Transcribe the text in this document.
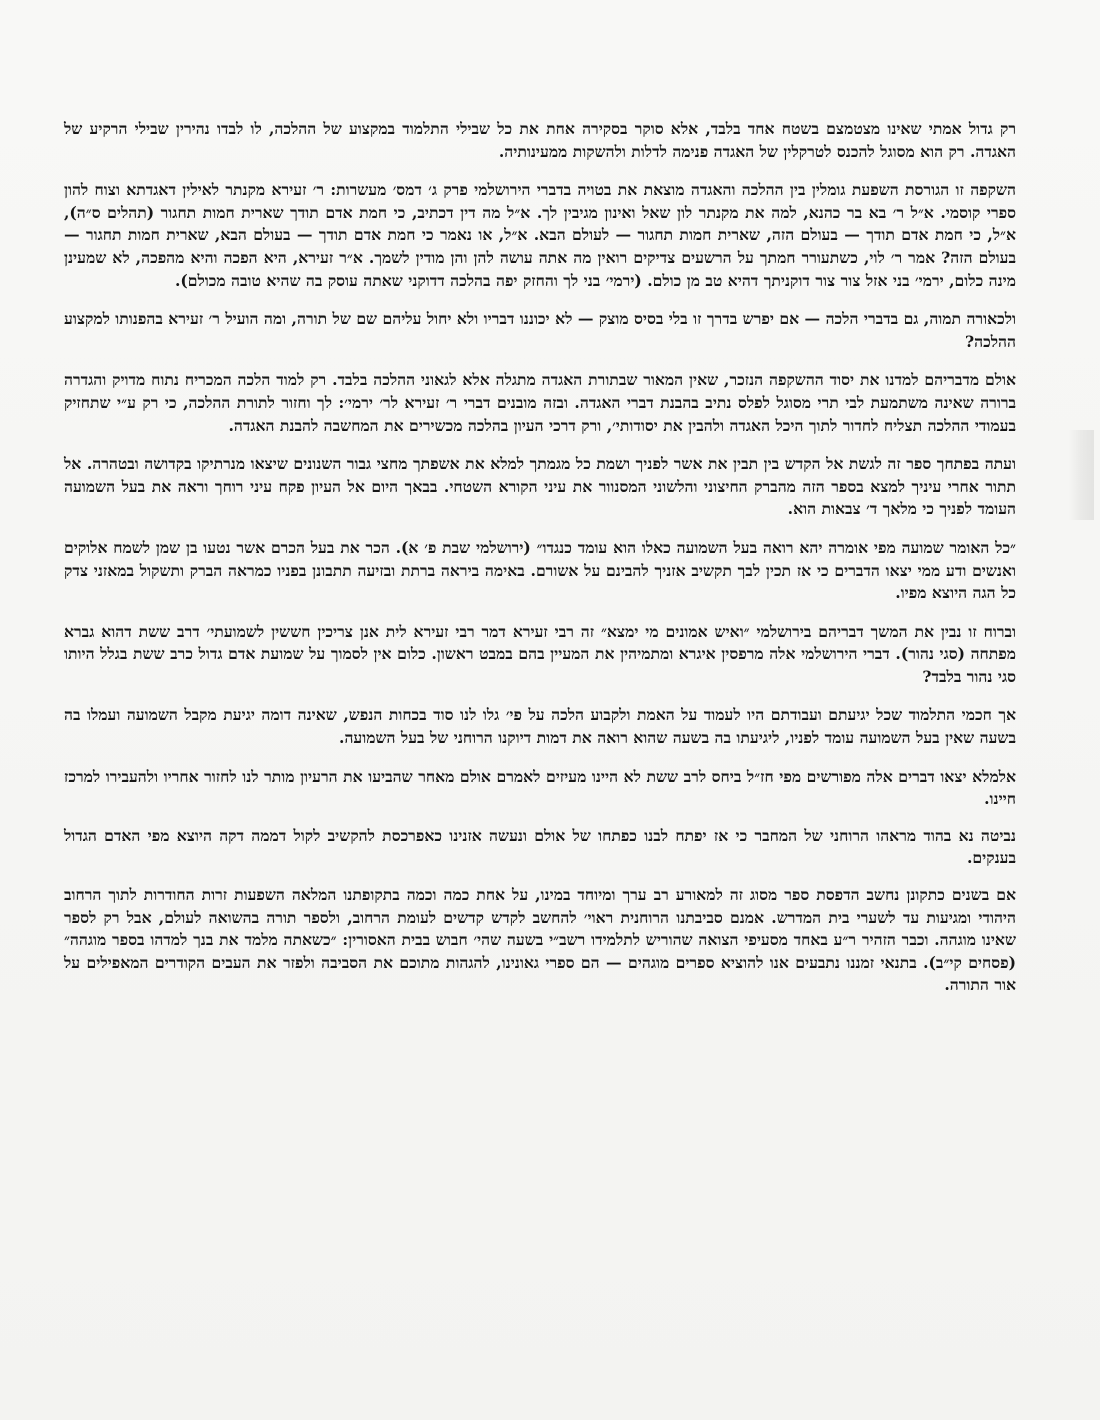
רק גדול אמתי שאינו מצטמצם בשטח אחד בלבד, אלא סוקר בסקירה אחת את כל שבילי התלמוד במקצוע של ההלכה, לו לבדו נהירין שבילי הרקיע של האגדה. רק הוא מסוגל להכנס לטרקלין של האגדה פנימה לדלות ולהשקות ממעינותיה.

השקפה זו הגורסת השפעת גומלין בין ההלכה והאגדה מוצאת את בטויה בדברי הירושלמי פרק ג׳ דמס׳ מעשרות: ר׳ זעירא מקנתר לאילין דאגדתא וצוח להון ספרי קוסמי. א״ל ר׳ בא בר כהנא, למה את מקנתר לון שאל ואינון מגיבין לך. א״ל מה דין דכתיב, כי חמת אדם תודך שארית חמות תחגור (תהלים ס״ה), א״ל, כי חמת אדם תודך — בעולם הזה, שארית חמות תחגור — לעולם הבא. א״ל, או נאמר כי חמת אדם תודך — בעולם הבא, שארית חמות תחגור — בעולם הזה? אמר ר׳ לוי, כשתעורר חמתך על הרשעים צדיקים רואין מה אתה עושה להן והן מודין לשמך. א״ר זעירא, היא הפכה והיא מהפכה, לא שמעינן מינה כלום, ירמי׳ בני אזל צור צור דוקניתך דהיא טב מן כולם. (ירמי׳ בני לך והחזק יפה בהלכה דדוקני שאתה עוסק בה שהיא טובה מכולם).

ולכאורה תמוה, גם בדברי הלכה — אם יפרש בדרך זו בלי בסיס מוצק — לא יכוננו דבריו ולא יחול עליהם שם של תורה, ומה הועיל ר׳ זעירא בהפנותו למקצוע ההלכה?

אולם מדבריהם למדנו את יסוד ההשקפה הנזכר, שאין המאור שבתורת האגדה מתגלה אלא לגאוני ההלכה בלבד. רק למוד הלכה המכריח נתוח מדויק והגדרה ברורה שאינה משתמעת לבי תרי מסוגל לפלס נתיב בהבנת דברי האגדה. ובזה מובנים דברי ר׳ זעירא לר׳ ירמי׳: לך וחזור לתורת ההלכה, כי רק ע״י שתחזיק בעמודי ההלכה תצליח לחדור לתוך היכל האגדה ולהבין את יסודותי׳, ורק דרכי העיון בהלכה מכשירים את המחשבה להבנת האגדה.

ועתה בפתחך ספר זה לגשת אל הקדש בין תבין את אשר לפניך ושמת כל מגמתך למלא את אשפתך מחצי גבור השנונים שיצאו מנרתיקו בקדושה ובטהרה. אל תתור אחרי עיניך למצא בספר הזה מהברק החיצוני והלשוני המסנוור את עיני הקורא השטחי. בבאך היום אל העיון פקח עיני רוחך וראה את בעל השמועה העומד לפניך כי מלאך ד׳ צבאות הוא.

״כל האומר שמועה מפי אומרה יהא רואה בעל השמועה כאלו הוא עומד כנגדו״ (ירושלמי שבת פ׳ א). הכר את בעל הכרם אשר נטעו בן שמן לשמח אלוקים ואנשים ודע ממי יצאו הדברים כי אז תכין לבך תקשיב אזניך להבינם על אשורם. באימה ביראה ברתת ובזיעה תתבונן בפניו כמראה הברק ותשקול במאזני צדק כל הגה היוצא מפיו.

וברוח זו נבין את המשך דבריהם בירושלמי ״ואיש אמונים מי ימצא״ זה רבי זעירא דמר רבי זעירא לית אנן צריכין חששין לשמועתי׳ דרב ששת דהוא גברא מפתחה (סגי נהור). דברי הירושלמי אלה מרפסין איגרא ומתמיהין את המעיין בהם במבט ראשון. כלום אין לסמוך על שמועת אדם גדול כרב ששת בגלל היותו סגי נהור בלבד?

אך חכמי התלמוד שכל יגיעתם ועבודתם היו לעמוד על האמת ולקבוע הלכה על פי׳ גלו לנו סוד בכחות הנפש, שאינה דומה יגיעת מקבל השמועה ועמלו בה בשעה שאין בעל השמועה עומד לפניו, ליגיעתו בה בשעה שהוא רואה את דמות דיוקנו הרוחני של בעל השמועה.

אלמלא יצאו דברים אלה מפורשים מפי חז״ל ביחס לרב ששת לא היינו מעיזים לאמרם אולם מאחר שהביעו את הרעיון מותר לנו לחזור אחריו ולהעבירו למרכז חיינו.

נביטה נא בהוד מראהו הרוחני של המחבר כי אז יפתח לבנו כפתחו של אולם ונעשה אזנינו כאפרכסת להקשיב לקול דממה דקה היוצא מפי האדם הגדול בענקים.

אם בשנים כתקונן נחשב הדפסת ספר מסוג זה למאורע רב ערך ומיוחד במינו, על אחת כמה וכמה בתקופתנו המלאה השפעות זרות החודרות לתוך הרחוב היהודי ומגיעות עד לשערי בית המדרש. אמנם סביבתנו הרוחנית ראוי׳ להחשב לקדש קדשים לעומת הרחוב, ולספר תורה בהשואה לעולם, אבל רק לספר שאינו מוגהה. וכבר הזהיר ר״ע באחד מסעיפי הצואה שהוריש לתלמידו רשב״י בשעה שהי׳ חבוש בבית האסורין: ״כשאתה מלמד את בנך למדהו בספר מוגהה״ (פסחים קי״ב). בתנאי זמננו נתבעים אנו להוציא ספרים מוגהים — הם ספרי גאונינו, להגהות מתוכם את הסביבה ולפזר את העבים הקודרים המאפילים על אור התורה.
